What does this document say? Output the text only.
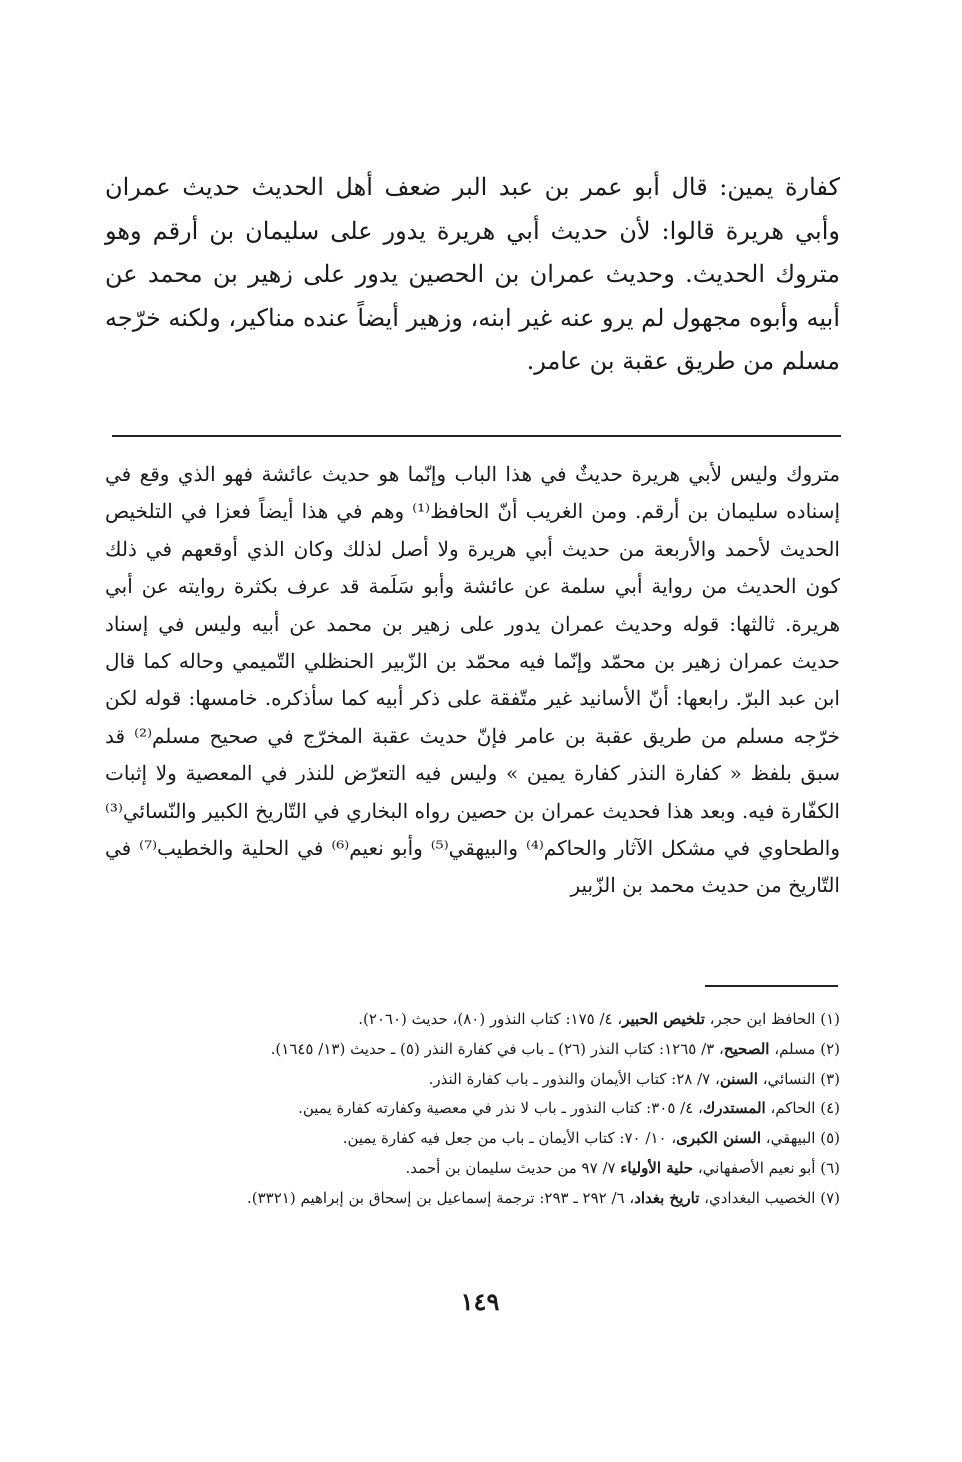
كفارة يمين: قال أبو عمر بن عبد البر ضعف أهل الحديث حديث عمران وأبي هريرة قالوا: لأن حديث أبي هريرة يدور على سليمان بن أرقم وهو متروك الحديث. وحديث عمران بن الحصين يدور على زهير بن محمد عن أبيه وأبوه مجهول لم يرو عنه غير ابنه، وزهير أيضاً عنده مناكير، ولكنه خرّجه مسلم من طريق عقبة بن عامر.

متروك وليس لأبي هريرة حديثٌ في هذا الباب وإنّما هو حديث عائشة فهو الذي وقع في إسناده سليمان بن أرقم. ومن الغريب أنّ الحافظ⁽¹⁾ وهم في هذا أيضاً فعزا في التلخيص الحديث لأحمد والأربعة من حديث أبي هريرة ولا أصل لذلك وكان الذي أوقعهم في ذلك كون الحديث من رواية أبي سلمة عن عائشة وأبو سَلَمة قد عرف بكثرة روايته عن أبي هريرة. ثالثها: قوله وحديث عمران يدور على زهير بن محمد عن أبيه وليس في إسناد حديث عمران زهير بن محمّد وإنّما فيه محمّد بن الزّبير الحنظلي التّميمي وحاله كما قال ابن عبد البرّ. رابعها: أنّ الأسانيد غير متّفقة على ذكر أبيه كما سأذكره. خامسها: قوله لكن خرّجه مسلم من طريق عقبة بن عامر فإنّ حديث عقبة المخرّج في صحيح مسلم⁽²⁾ قد سبق بلفظ « كفارة النذر كفارة يمين » وليس فيه التعرّض للنذر في المعصية ولا إثبات الكفّارة فيه. وبعد هذا فحديث عمران بن حصين رواه البخاري في التّاريخ الكبير والنّسائي⁽³⁾ والطحاوي في مشكل الآثار والحاكم⁽⁴⁾ والبيهقي⁽⁵⁾ وأبو نعيم⁽⁶⁾ في الحلية والخطيب⁽⁷⁾ في التّاريخ من حديث محمد بن الزّبير

(١) الحافظ ابن حجر، تلخيص الحبير، ٤/ ١٧٥: كتاب النذور (٨٠)، حديث (٢٠٦٠).
(٢) مسلم، الصحيح، ٣/ ١٢٦٥: كتاب النذر (٢٦) ـ باب في كفارة النذر (٥) ـ حديث (١٣/ ١٦٤٥).
(٣) النسائي، السنن، ٧/ ٢٨: كتاب الأيمان والنذور ـ باب كفارة النذر.
(٤) الحاكم، المستدرك، ٤/ ٣٠٥: كتاب النذور ـ باب لا نذر في معصية وكفارته كفارة يمين.
(٥) البيهقي، السنن الكبرى، ١٠/ ٧٠: كتاب الأيمان ـ باب من جعل فيه كفارة يمين.
(٦) أبو نعيم الأصفهاني، حلية الأولياء ٧/ ٩٧ من حديث سليمان بن أحمد.
(٧) الخصيب البغدادي، تاريخ بغداد، ٦/ ٢٩٢ ـ ٢٩٣: ترجمة إسماعيل بن إسحاق بن إبراهيم (٣٣٢١).
١٤٩
